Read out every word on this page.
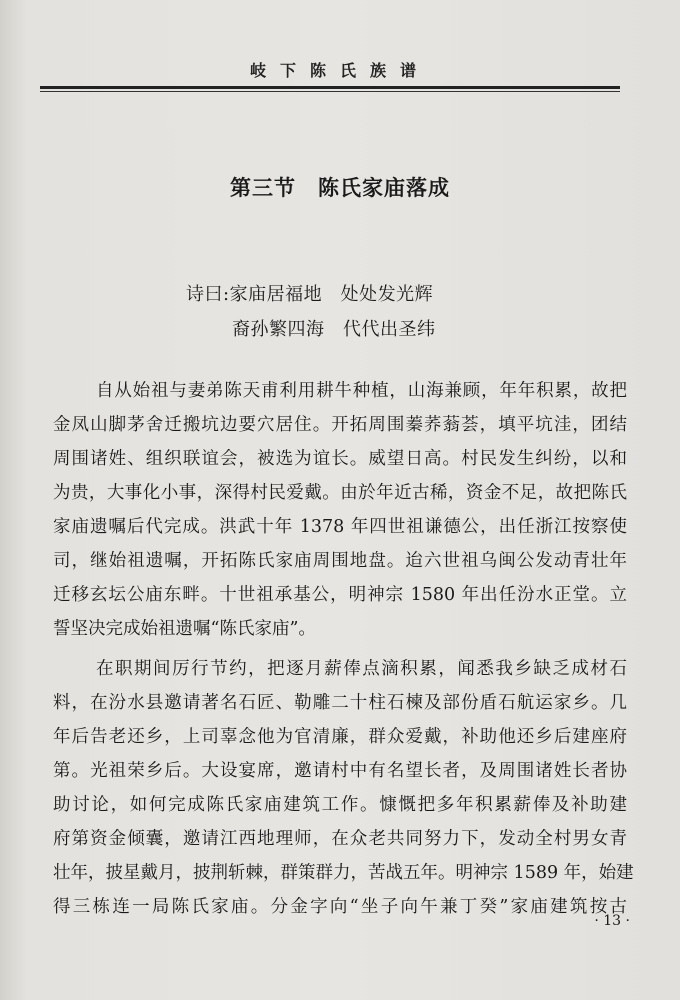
岐下陈氏族谱
第三节　陈氏家庙落成
诗曰:家庙居福地　处处发光辉
裔孙繁四海　代代出圣纬
自从始祖与妻弟陈天甫利用耕牛种植，山海兼顾，年年积累，故把
金凤山脚茅舍迁搬坑边要穴居住。开拓周围蓁荞蓊荟，填平坑洼，团结
周围诸姓、组织联谊会，被选为谊长。威望日高。村民发生纠纷，以和
为贵，大事化小事，深得村民爱戴。由於年近古稀，资金不足，故把陈氏
家庙遗嘱后代完成。洪武十年 1378 年四世祖谦德公，出任浙江按察使
司，继始祖遗嘱，开拓陈氏家庙周围地盘。迨六世祖乌闽公发动青壮年
迁移玄坛公庙东畔。十世祖承基公，明神宗 1580 年出任汾水正堂。立
誓坚决完成始祖遗嘱“陈氏家庙”。
在职期间厉行节约，把逐月薪俸点滴积累，闻悉我乡缺乏成材石
料，在汾水县邀请著名石匠、勒雕二十柱石楝及部份盾石航运家乡。几
年后告老还乡，上司辜念他为官清廉，群众爱戴，补助他还乡后建座府
第。光祖荣乡后。大设宴席，邀请村中有名望长者，及周围诸姓长者协
助讨论，如何完成陈氏家庙建筑工作。慷慨把多年积累薪俸及补助建
府第资金倾囊，邀请江西地理师，在众老共同努力下，发动全村男女青
壮年，披星戴月，披荆斩棘，群策群力，苦战五年。明神宗 1589 年，始建
得三栋连一局陈氏家庙。分金字向“坐子向午兼丁癸”家庙建筑按古
· 13 ·
